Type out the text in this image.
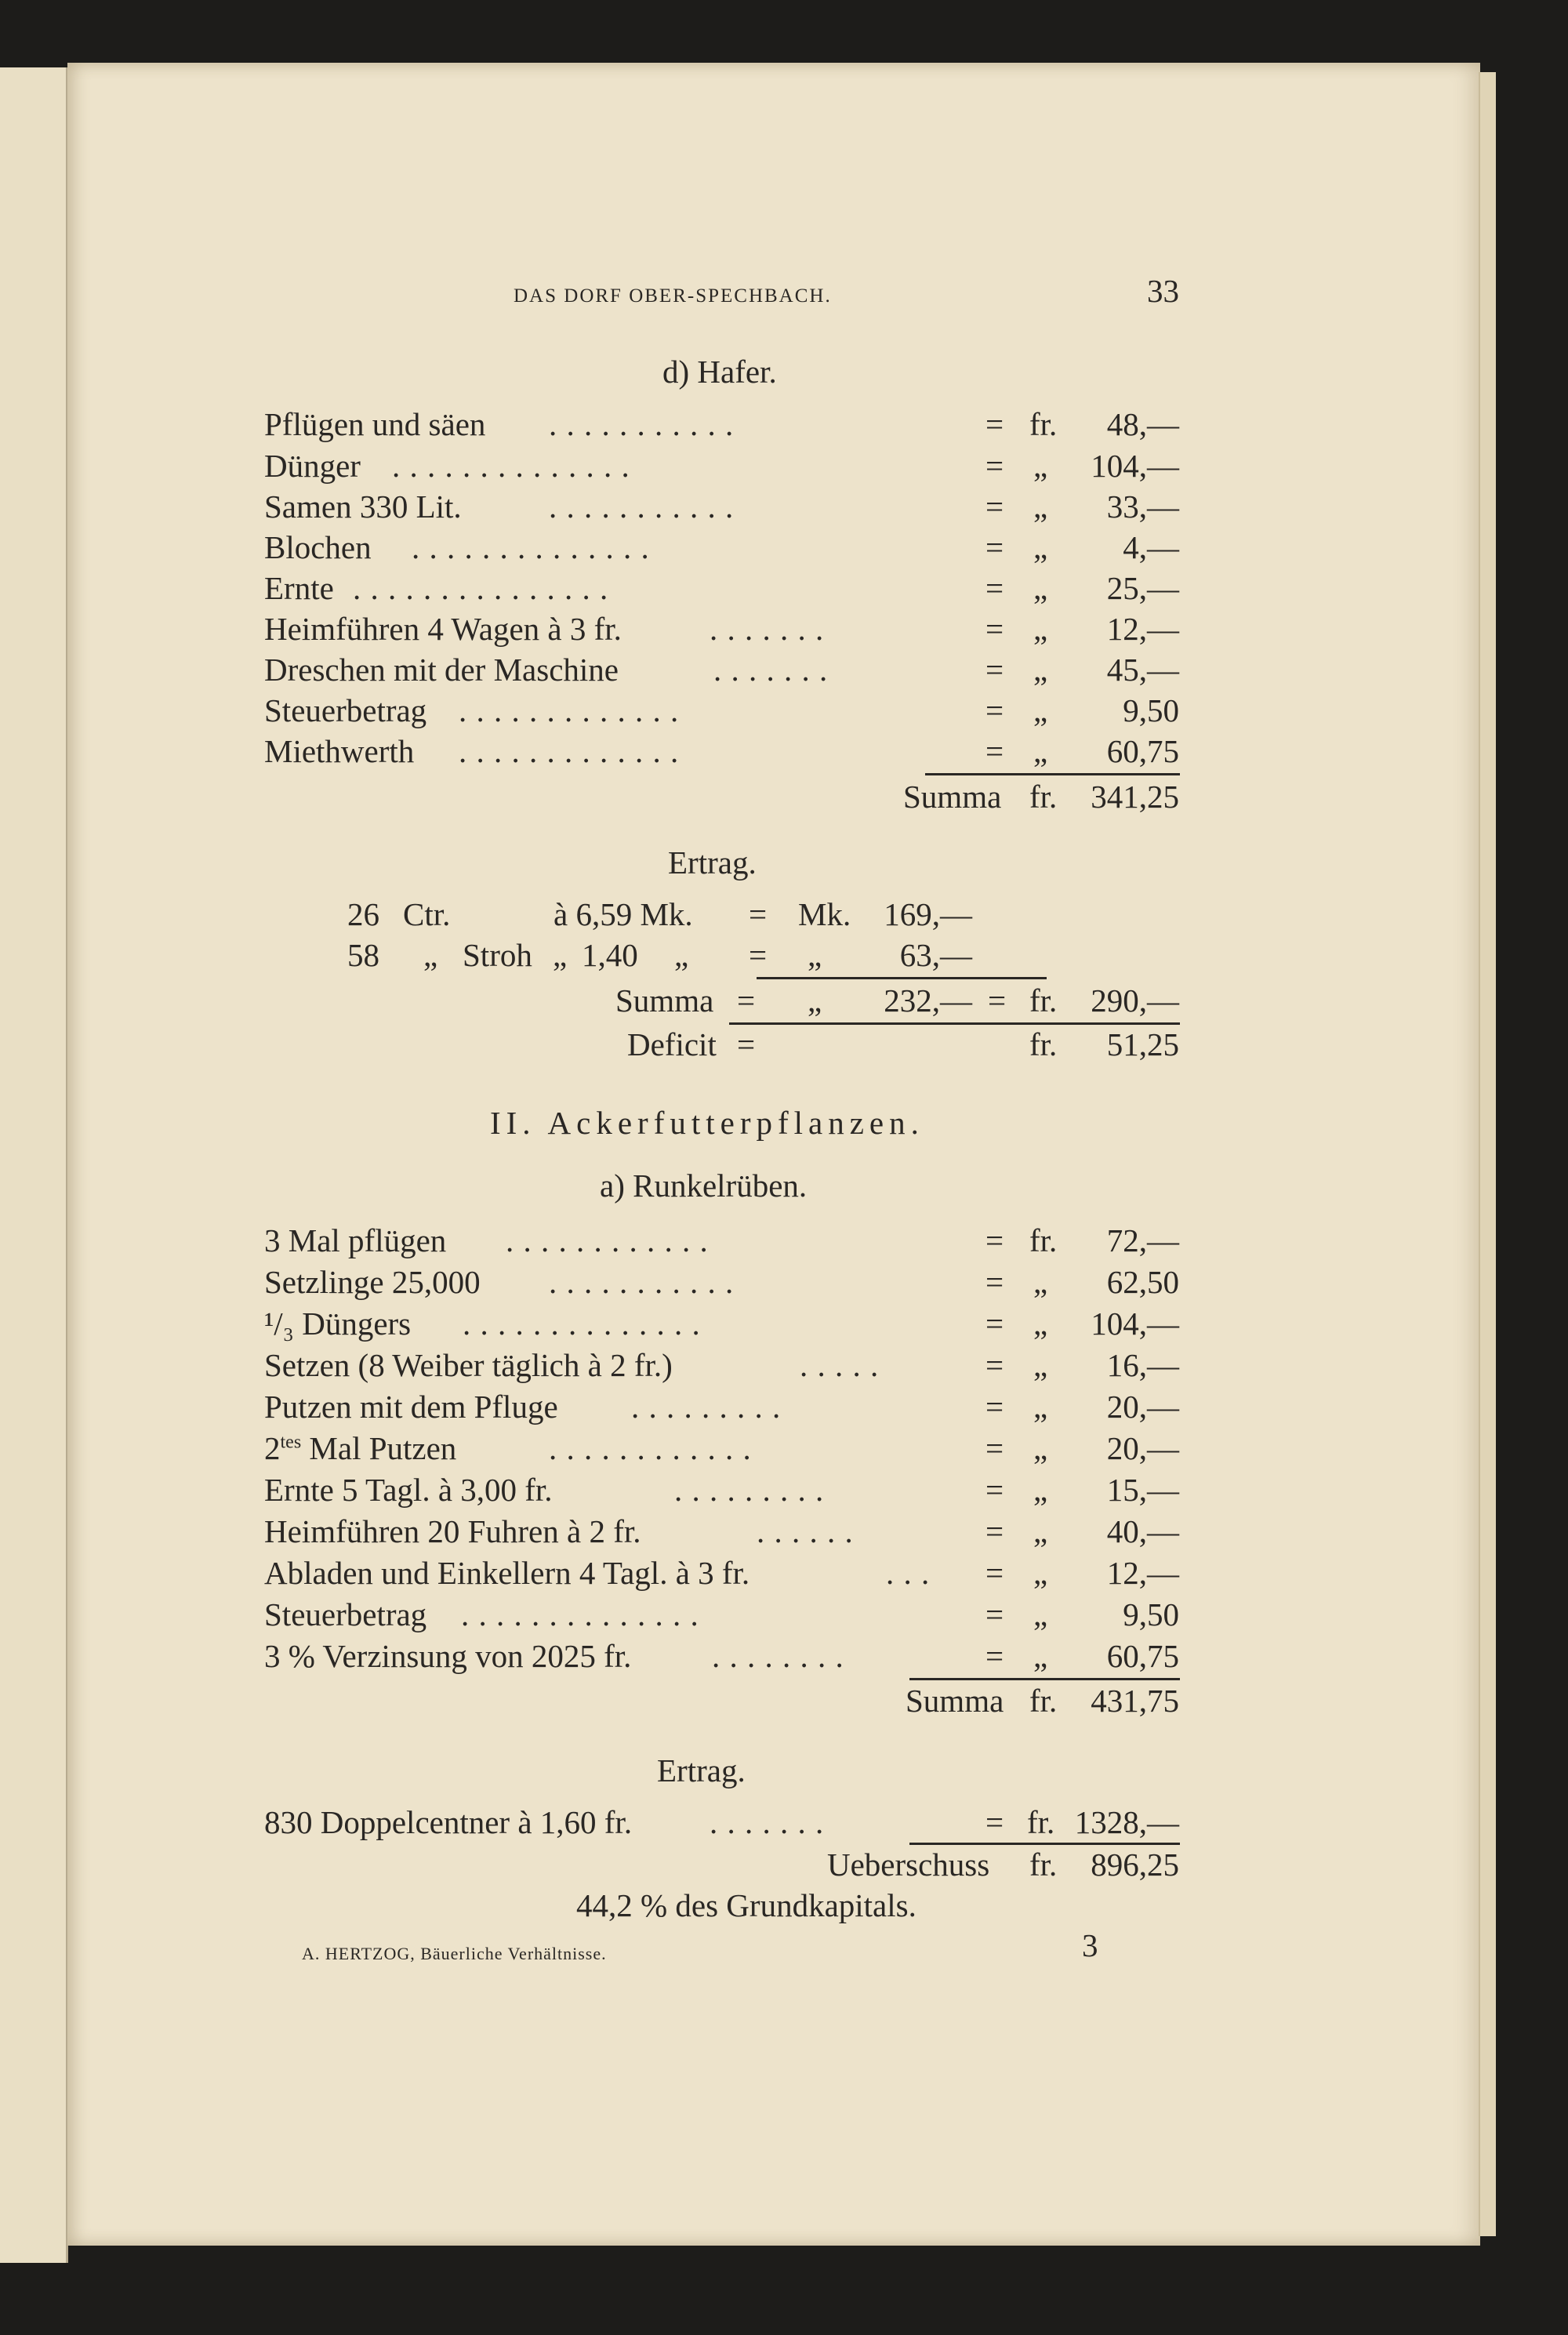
DAS DORF OBER-SPECHBACH.	33
d) Hafer.
Pflügen und säen . . . . . . . . . . .	= fr.	48,—
Dünger . . . . . . . . . . . . . .	= „	104,—
Samen 330 Lit.	. . . . . . . . . . .	= „	33,—
Blochen . . . . . . . . . . . . . .	= „	4,—
Ernte . . . . . . . . . . . . . . .	= „	25,—
Heimführen 4 Wagen à 3 fr.	. . . . . . .	= „	12,—
Dreschen mit der Maschine	. . . . . . .	= „	45,—
Steuerbetrag . . . . . . . . . . . . .	= „	9,50
Miethwerth . . . . . . . . . . . . .	= „	60,75
Summa fr.	341,25
Ertrag.
26 Ctr.	à 6,59 Mk. = Mk.	169,—
58 „ Stroh „ 1,40 „ = „	63,—
Summa = „	232,— = fr.	290,—
Deficit =	fr.	51,25
II. Ackerfutterpflanzen.
a) Runkelrüben.
3 Mal pflügen . . . . . . . . . . . .	= fr.	72,—
Setzlinge 25,000 . . . . . . . . . . .	= „	62,50
¹/₃ Düngers . . . . . . . . . . . . . .	= „	104,—
Setzen (8 Weiber täglich à 2 fr.)	. . . . .	= „	16,—
Putzen mit dem Pfluge . . . . . . . . .	= „	20,—
$2^{tes}$ Mal Putzen	. . . . . . . . . . . .	= „	20,—
Ernte 5 Tagl. à 3,00 fr.	. . . . . . . . .	= „	15,—
Heimführen 20 Fuhren à 2 fr.	. . . . . .	= „	40,—
Abladen und Einkellern 4 Tagl. à 3 fr.	. . . = „	12,—
Steuerbetrag . . . . . . . . . . . . . .	= „	9,50
3 % Verzinsung von 2025 fr.	. . . . . . . .	= „	60,75
Summa fr.	431,75
Ertrag.
830 Doppelcentner à 1,60 fr. . . . . . . .	= fr. 1328,—
Ueberschuss fr.	896,25
44,2 % des Grundkapitals.
A. HERTZOG, Bäuerliche Verhältnisse.	3
